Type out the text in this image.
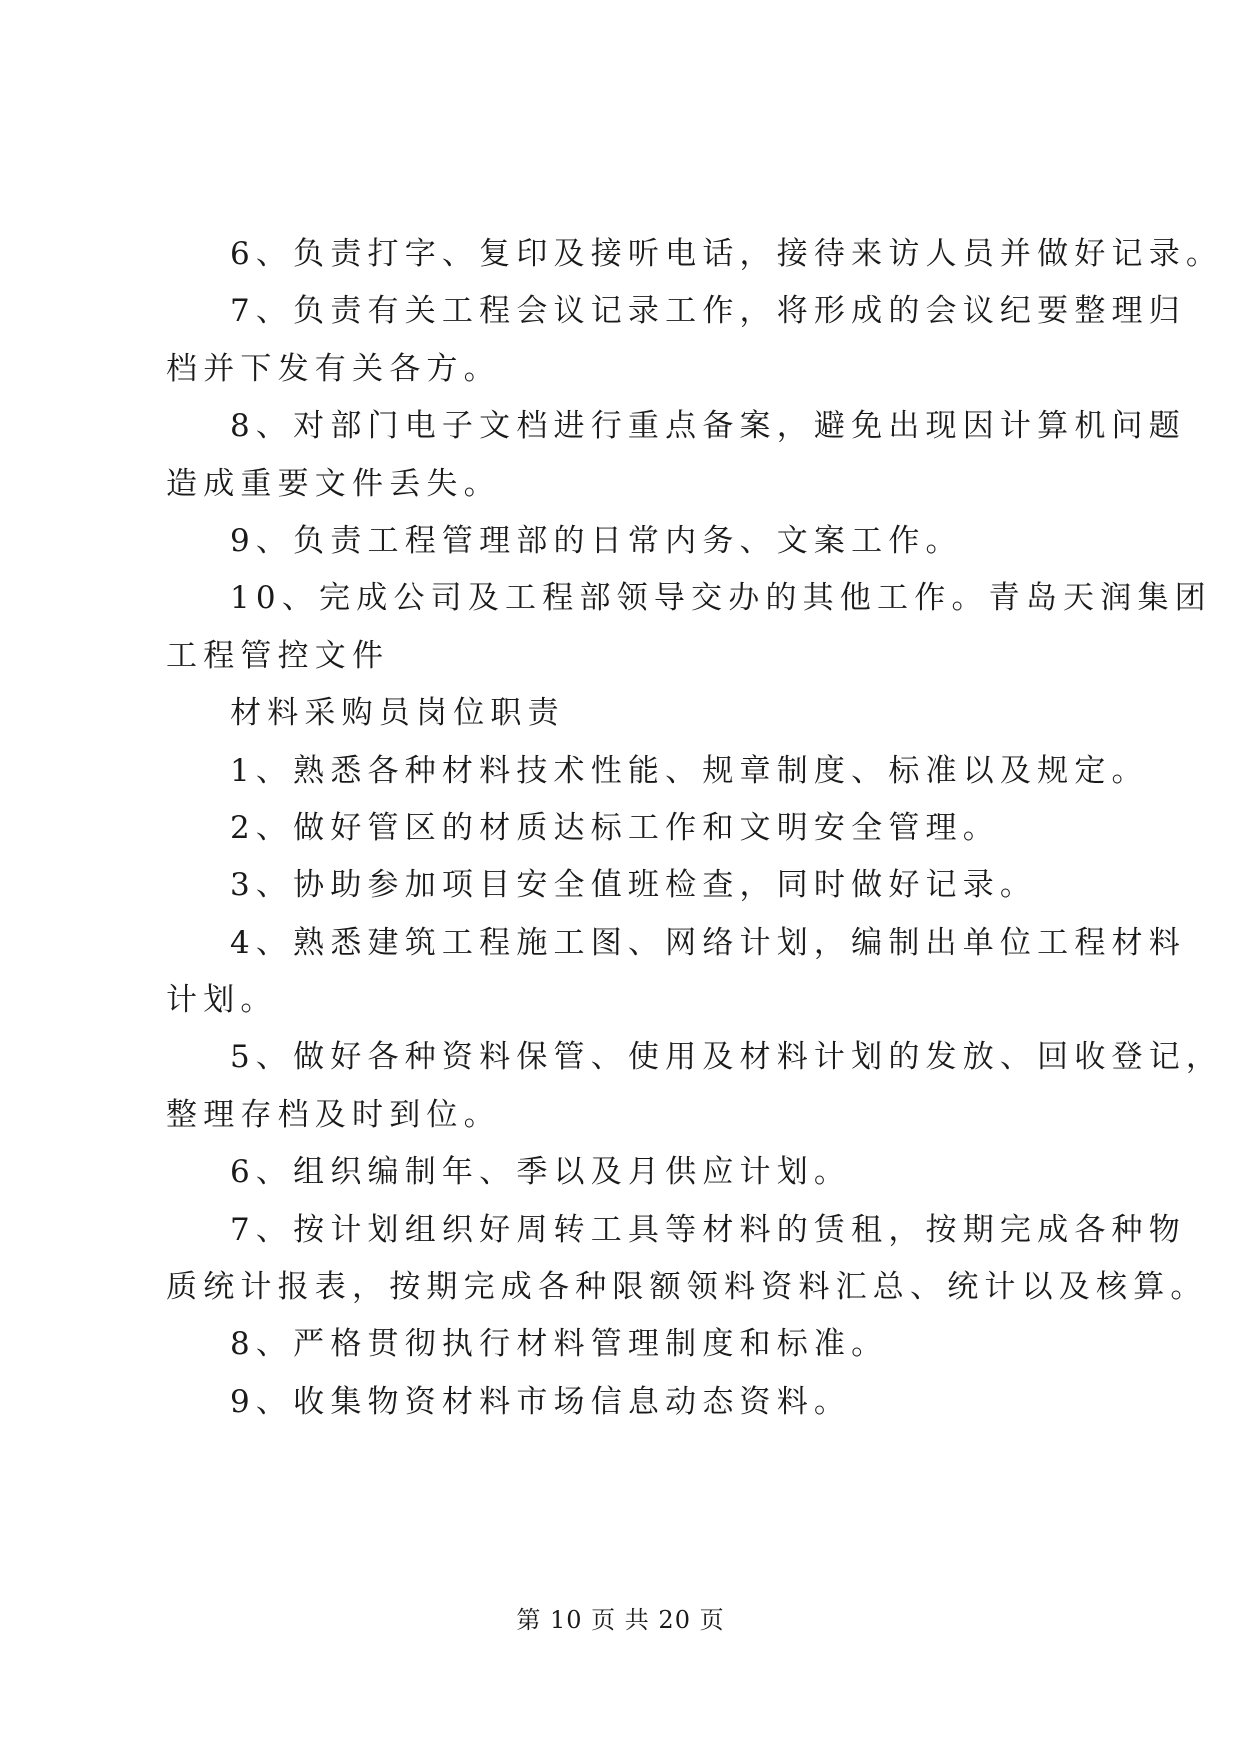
6、负责打字、复印及接听电话，接待来访人员并做好记录。
7、负责有关工程会议记录工作，将形成的会议纪要整理归
档并下发有关各方。
8、对部门电子文档进行重点备案，避免出现因计算机问题
造成重要文件丢失。
9、负责工程管理部的日常内务、文案工作。
10、完成公司及工程部领导交办的其他工作。青岛天润集团
工程管控文件
材料采购员岗位职责
1、熟悉各种材料技术性能、规章制度、标准以及规定。
2、做好管区的材质达标工作和文明安全管理。
3、协助参加项目安全值班检查，同时做好记录。
4、熟悉建筑工程施工图、网络计划，编制出单位工程材料
计划。
5、做好各种资料保管、使用及材料计划的发放、回收登记，
整理存档及时到位。
6、组织编制年、季以及月供应计划。
7、按计划组织好周转工具等材料的赁租，按期完成各种物
质统计报表，按期完成各种限额领料资料汇总、统计以及核算。
8、严格贯彻执行材料管理制度和标准。
9、收集物资材料市场信息动态资料。
第 10 页 共 20 页
